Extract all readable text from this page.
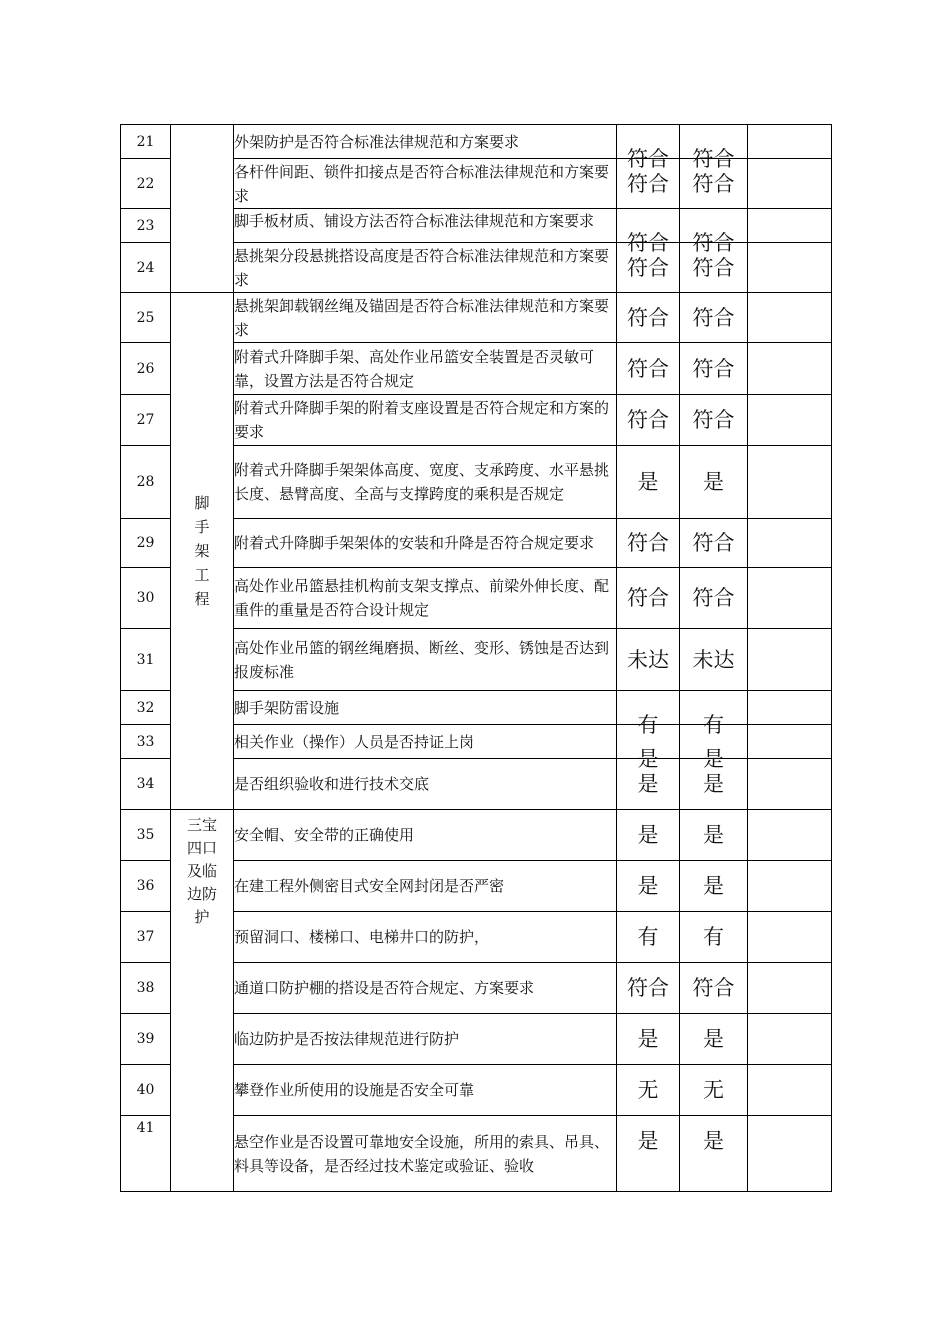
21		外架防护是否符合标准法律规范和方案要求	符合	符合	

22		各杆件间距、锁件扣接点是否符合标准法律规范和方案要求	符合	符合	
23		脚手板材质、铺设方法否符合标准法律规范和方案要求	符合	符合	

24		悬挑架分段悬挑搭设高度是否符合标准法律规范和方案要求	符合	符合	
25	脚手架工程	悬挑架卸载钢丝绳及锚固是否符合标准法律规范和方案要求	符合	符合	
26		附着式升降脚手架、高处作业吊篮安全装置是否灵敏可靠，设置方法是否符合规定	符合	符合	
27		附着式升降脚手架的附着支座设置是否符合规定和方案的要求	符合	符合	
28		附着式升降脚手架架体高度、宽度、支承跨度、水平悬挑长度、悬臂高度、全高与支撑跨度的乘积是否规定	是	是	
29		附着式升降脚手架架体的安装和升降是否符合规定要求	符合	符合	
30		高处作业吊篮悬挂机构前支架支撑点、前梁外伸长度、配重件的重量是否符合设计规定	符合	符合	
31		高处作业吊篮的钢丝绳磨损、断丝、变形、锈蚀是否达到报废标准	未达	未达	
32		脚手架防雷设施	有	有	

33		相关作业（操作）人员是否持证上岗	是	是	

34		是否组织验收和进行技术交底	是	是	
35	三宝四口及临边防护	安全帽、安全带的正确使用	是	是	
36		在建工程外侧密目式安全网封闭是否严密	是	是	
37		预留洞口、楼梯口、电梯井口的防护，	有	有	
38		通道口防护棚的搭设是否符合规定、方案要求	符合	符合	
39		临边防护是否按法律规范进行防护	是	是	
40		攀登作业所使用的设施是否安全可靠	无	无	
41		悬空作业是否设置可靠地安全设施，所用的索具、吊具、料具等设备，是否经过技术鉴定或验证、验收	是	是	
